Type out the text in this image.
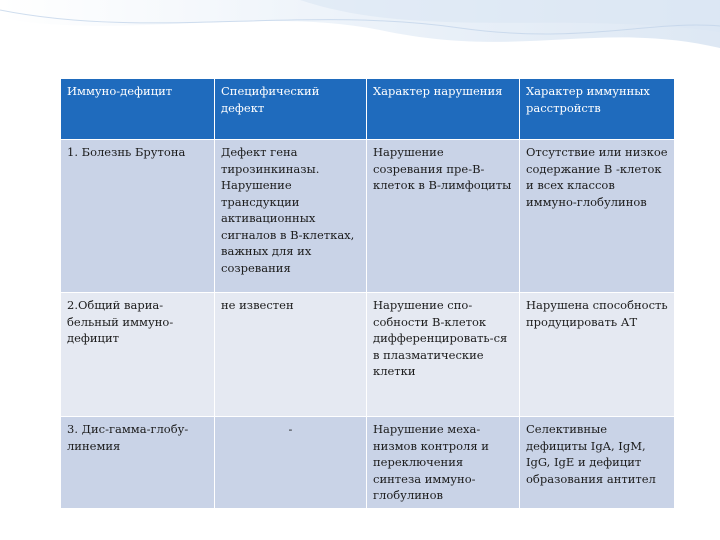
Иммуно-дефицит	Специфический дефект	Характер нарушения	Характер иммунных расстройств
1. Болезнь Брутона	Дефект гена тирозинкиназы. Нарушение трансдукции активационных сигналов в В-клетках, важных для их созревания	Нарушение созревания пре-В-клеток в В-лимфоциты	Отсутствие или низкое содержание В -клеток и всех классов иммуно-глобулинов
2.Общий вариа-бельный иммуно-дефицит	не известен	Нарушение спо-собности В-клеток дифференцировать-ся в плазматические клетки	Нарушена способность продуцировать АТ
3. Дис-гамма-глобу-линемия	-	Нарушение меха-низмов контроля и переключения синтеза иммуно-глобулинов	Селективные дефициты IgA, IgM, IgG, IgE и дефицит образования антител
